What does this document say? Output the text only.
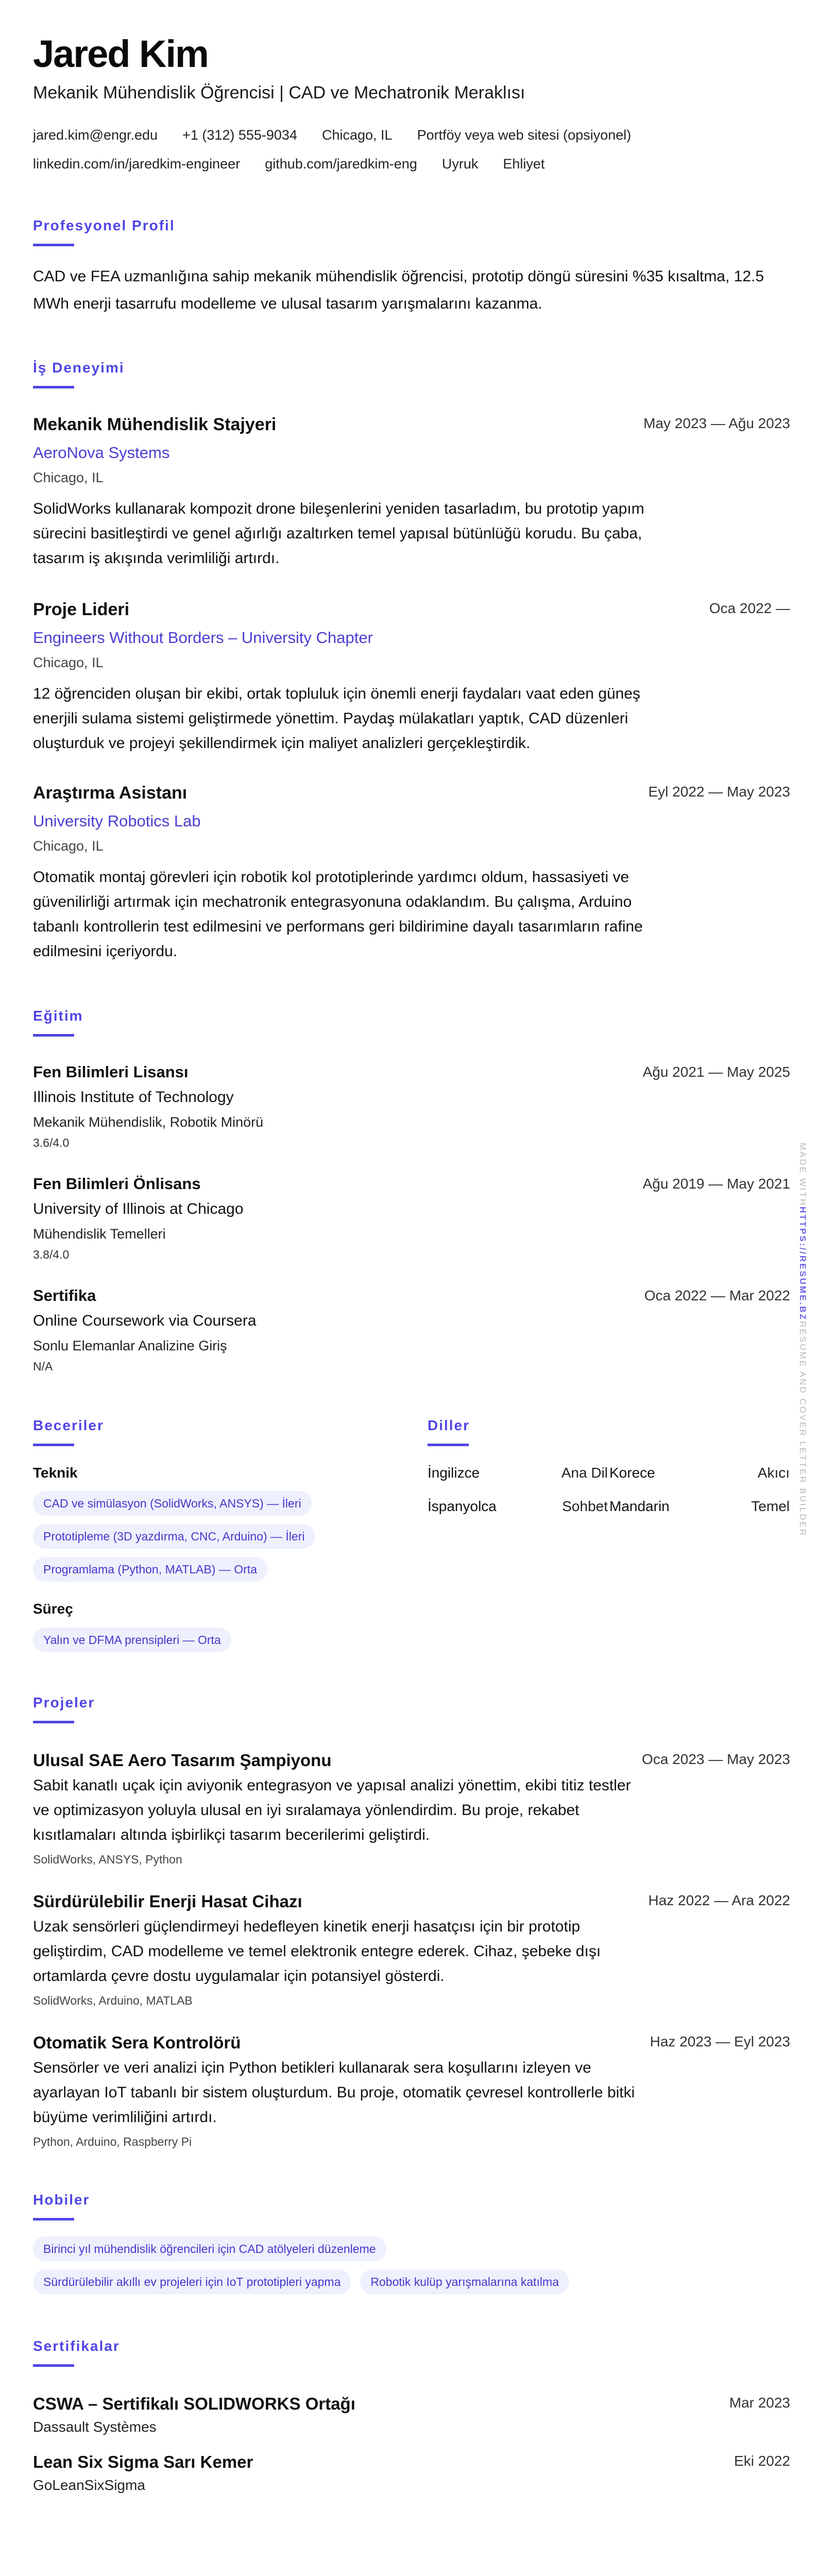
Jared Kim
Mekanik Mühendislik Öğrencisi | CAD ve Mechatronik Meraklısı
jared.kim@engr.edu +1 (312) 555-9034 Chicago, IL Portföy veya web sitesi (opsiyonel)
linkedin.com/in/jaredkim-engineer github.com/jaredkim-eng Uyruk Ehliyet
Profesyonel Profil

CAD ve FEA uzmanlığına sahip mekanik mühendislik öğrencisi, prototip döngü süresini %35 kısaltma, 12.5 MWh enerji tasarrufu modelleme ve ulusal tasarım yarışmalarını kazanma.

İş Deneyimi
Mekanik Mühendislik Stajyeri	May 2023 — Ağu 2023
AeroNova Systems
Chicago, IL

SolidWorks kullanarak kompozit drone bileşenlerini yeniden tasarladım, bu prototip yapım sürecini basitleştirdi ve genel ağırlığı azaltırken temel yapısal bütünlüğü korudu. Bu çaba, tasarım iş akışında verimliliği artırdı.

Proje Lideri	Oca 2022 —
Engineers Without Borders – University Chapter
Chicago, IL

12 öğrenciden oluşan bir ekibi, ortak topluluk için önemli enerji faydaları vaat eden güneş enerjili sulama sistemi geliştirmede yönettim. Paydaş mülakatları yaptık, CAD düzenleri oluşturduk ve projeyi şekillendirmek için maliyet analizleri gerçekleştirdik.

Araştırma Asistanı	Eyl 2022 — May 2023
University Robotics Lab
Chicago, IL

Otomatik montaj görevleri için robotik kol prototiplerinde yardımcı oldum, hassasiyeti ve güvenilirliği artırmak için mechatronik entegrasyonuna odaklandım. Bu çalışma, Arduino tabanlı kontrollerin test edilmesini ve performans geri bildirimine dayalı tasarımların rafine edilmesini içeriyordu.

Eğitim
Fen Bilimleri Lisansı	Ağu 2021 — May 2025
Illinois Institute of Technology
Mekanik Mühendislik, Robotik Minörü
3.6/4.0
Fen Bilimleri Önlisans	Ağu 2019 — May 2021
University of Illinois at Chicago
Mühendislik Temelleri
3.8/4.0
Sertifika	Oca 2022 — Mar 2022
Online Coursework via Coursera
Sonlu Elemanlar Analizine Giriş
N/A
Beceriler
Teknik
CAD ve simülasyon (SolidWorks, ANSYS) — İleri
Prototipleme (3D yazdırma, CNC, Arduino) — İleri
Programlama (Python, MATLAB) — Orta
Süreç
Yalın ve DFMA prensipleri — Orta
Diller
İngilizce	Ana Dil Korece	Akıcı
İspanyolca	Sohbet Mandarin	Temel
Projeler
Ulusal SAE Aero Tasarım Şampiyonu	Oca 2023 — May 2023

Sabit kanatlı uçak için aviyonik entegrasyon ve yapısal analizi yönettim, ekibi titiz testler ve optimizasyon yoluyla ulusal en iyi sıralamaya yönlendirdim. Bu proje, rekabet kısıtlamaları altında işbirlikçi tasarım becerilerimi geliştirdi.

SolidWorks, ANSYS, Python
Sürdürülebilir Enerji Hasat Cihazı	Haz 2022 — Ara 2022

Uzak sensörleri güçlendirmeyi hedefleyen kinetik enerji hasatçısı için bir prototip geliştirdim, CAD modelleme ve temel elektronik entegre ederek. Cihaz, şebeke dışı ortamlarda çevre dostu uygulamalar için potansiyel gösterdi.

SolidWorks, Arduino, MATLAB
Otomatik Sera Kontrolörü	Haz 2023 — Eyl 2023

Sensörler ve veri analizi için Python betikleri kullanarak sera koşullarını izleyen ve ayarlayan IoT tabanlı bir sistem oluşturdum. Bu proje, otomatik çevresel kontrollerle bitki büyüme verimliliğini artırdı.

Python, Arduino, Raspberry Pi
Hobiler
Birinci yıl mühendislik öğrencileri için CAD atölyeleri düzenleme
Sürdürülebilir akıllı ev projeleri için IoT prototipleri yapma	Robotik kulüp yarışmalarına katılma
Sertifikalar
CSWA – Sertifikalı SOLIDWORKS Ortağı	Mar 2023
Dassault Systèmes
Lean Six Sigma Sarı Kemer	Eki 2022
GoLeanSixSigma
MADE WITHHTTPS://RESUME.BZRESUME AND COVER LETTER BUILDER
